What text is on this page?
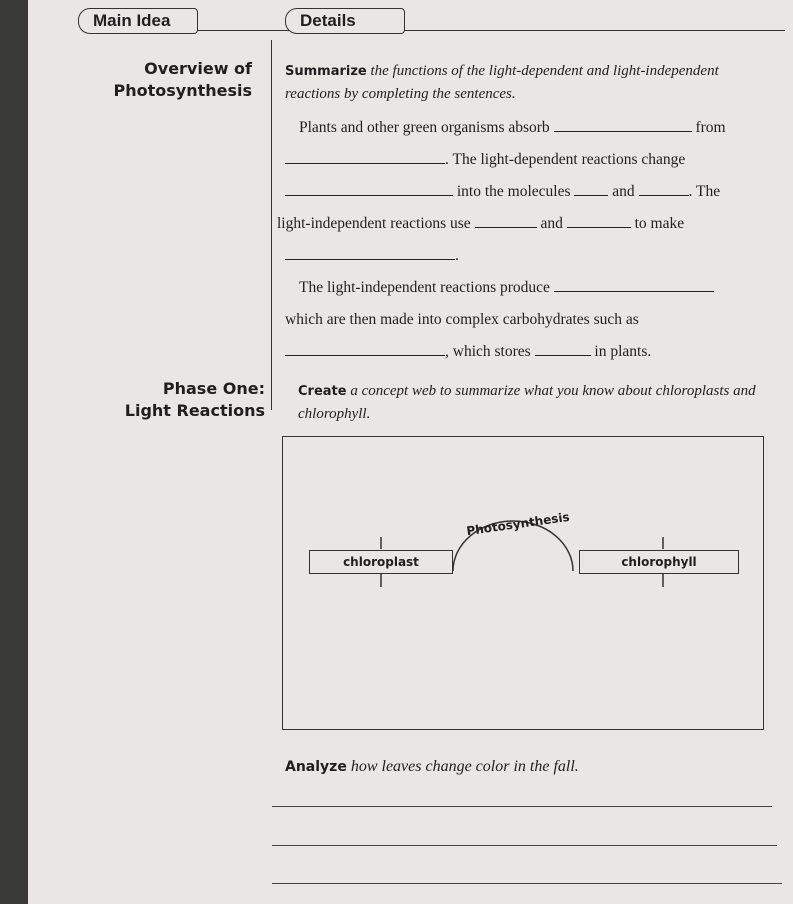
Main Idea	Details
Overview of
Photosynthesis
Summarize the functions of the light-dependent and light-independent reactions by completing the sentences.
Plants and other green organisms absorb	from
. The light-dependent reactions change
into the molecules	and	. The
light-independent reactions use	and	to make
.
The light-independent reactions produce
which are then made into complex carbohydrates such as
, which stores	in plants.
Phase One:
Light Reactions
Create a concept web to summarize what you know about chloroplasts and chlorophyll.
Photosynthesis
chloroplast	chlorophyll
Analyze how leaves change color in the fall.
